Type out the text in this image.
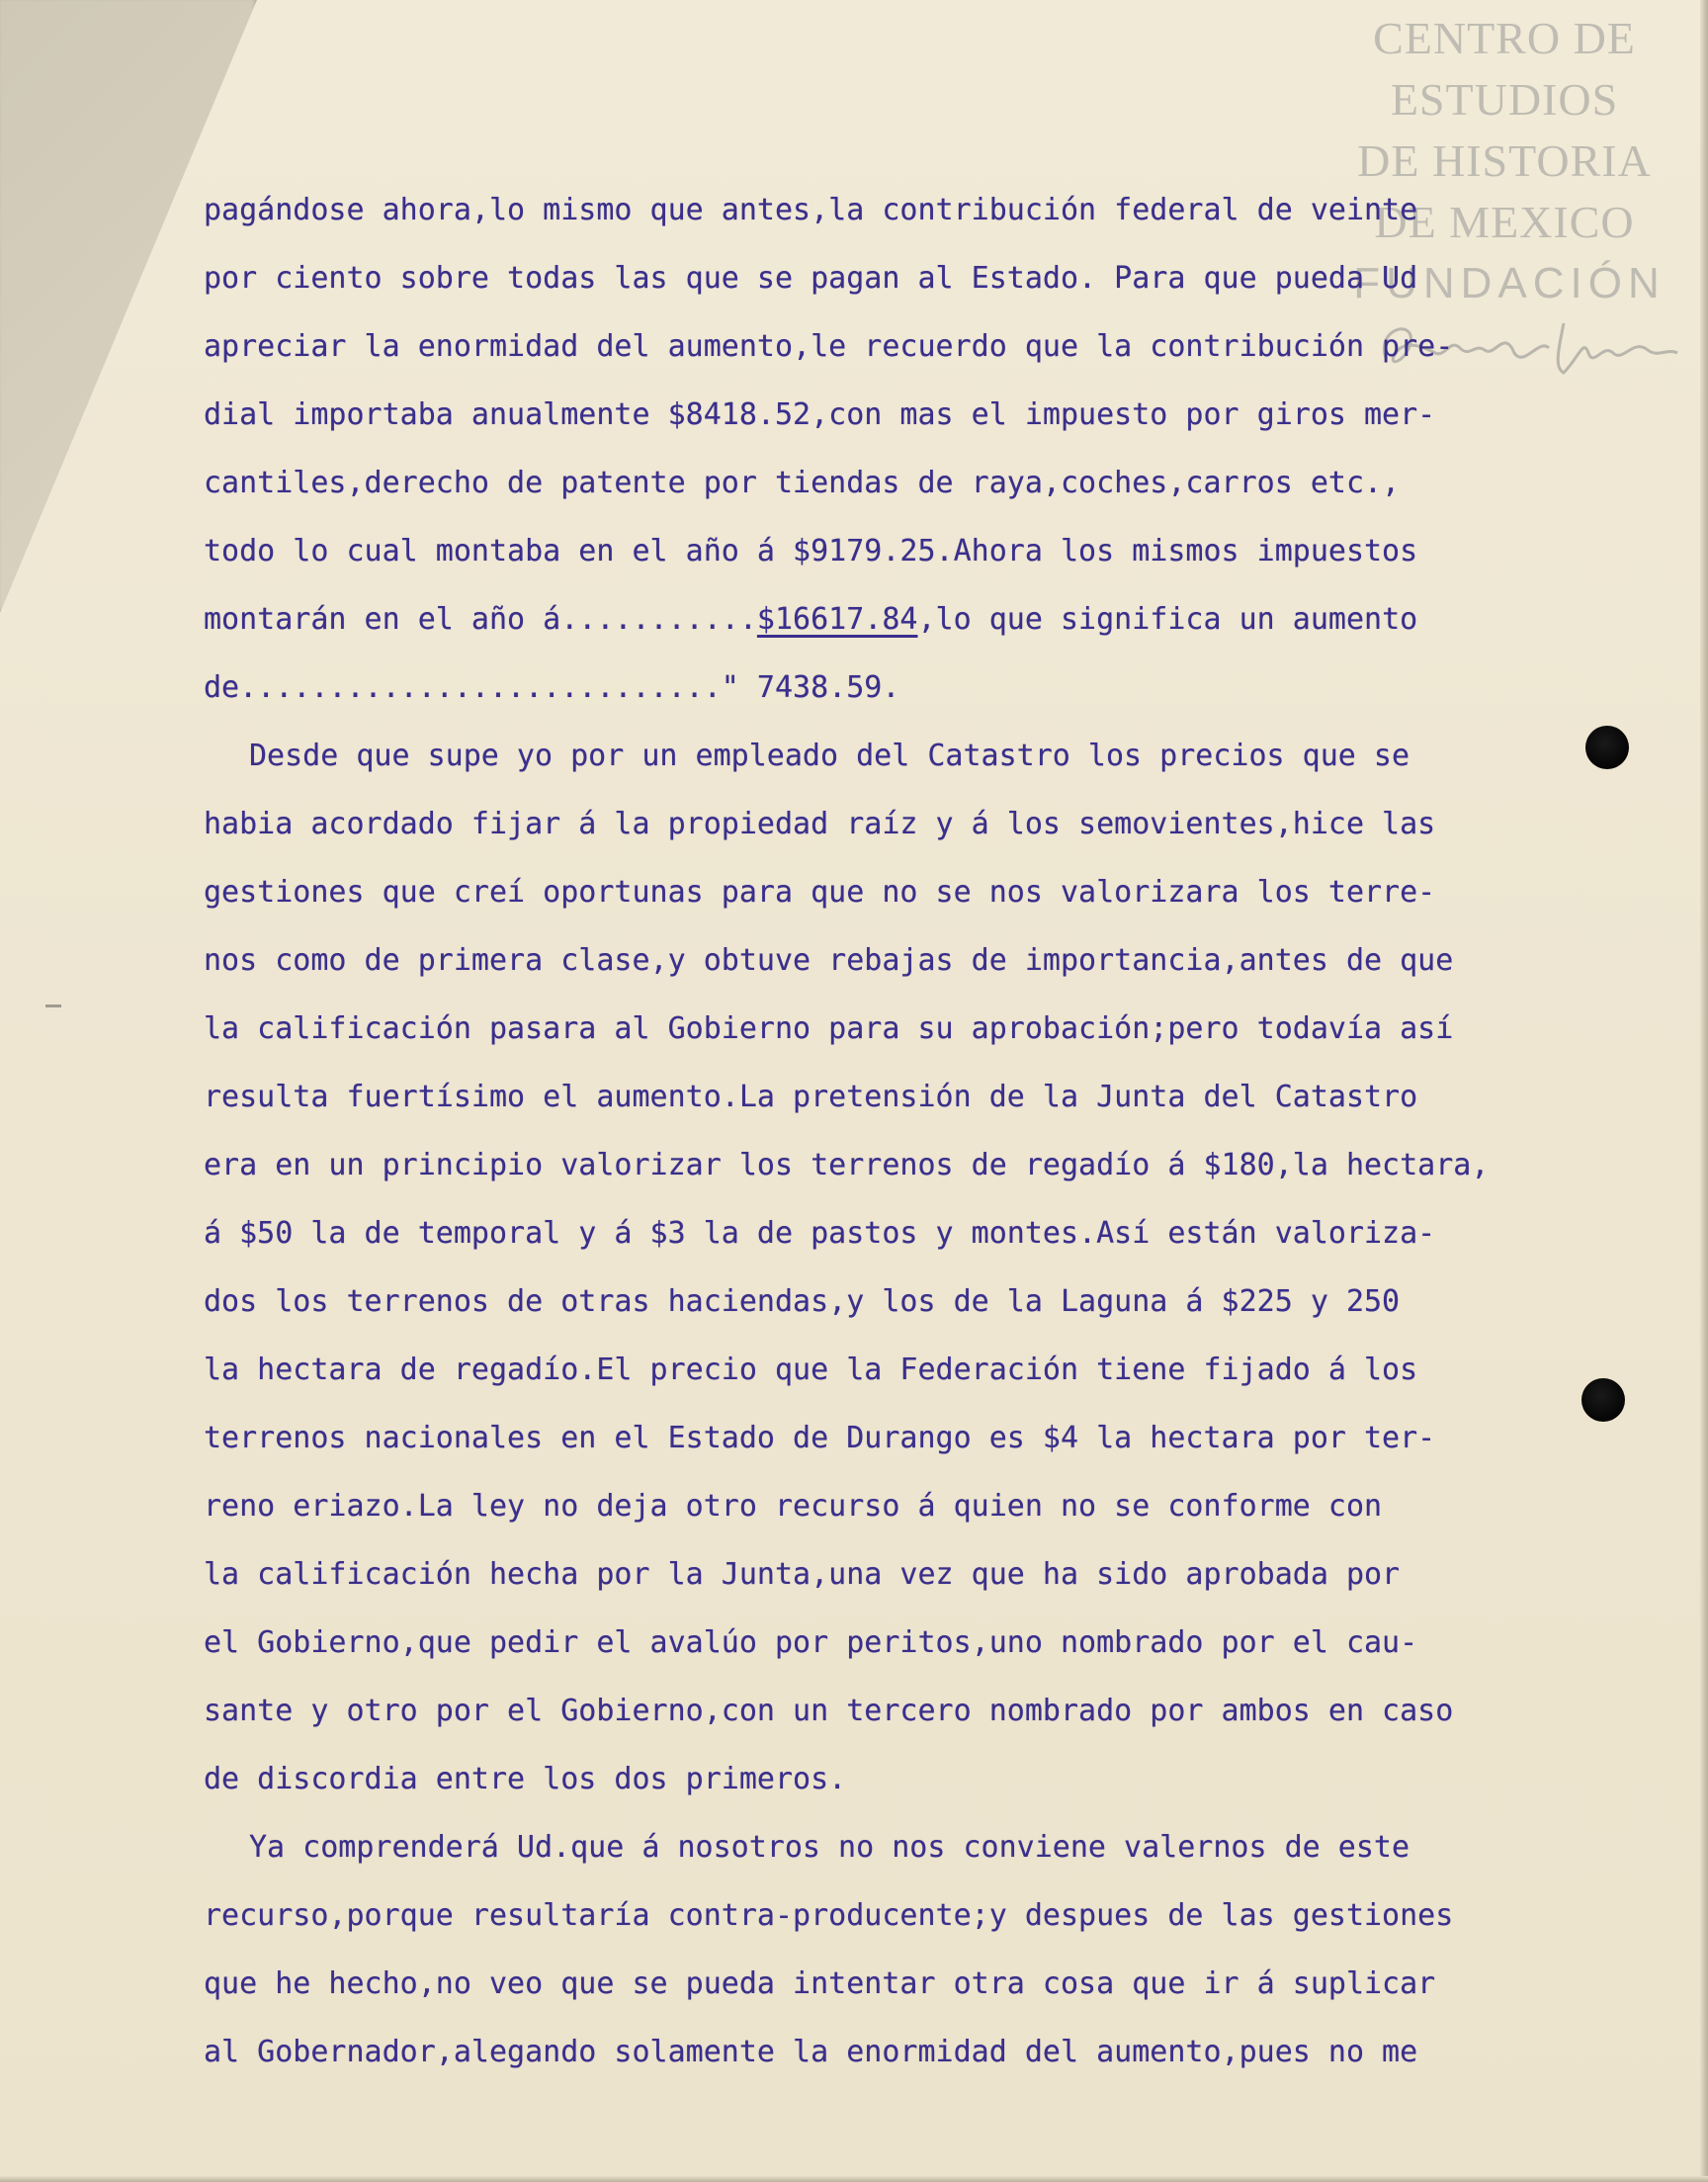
CENTRO DE
ESTUDIOS
DE HISTORIA
DE MEXICO
FUNDACIÓN
pagándose ahora,lo mismo que antes,la contribución federal de veinte
por ciento sobre todas las que se pagan al Estado. Para que pueda Ud
apreciar la enormidad del aumento,le recuerdo que la contribución pre-
dial importaba anualmente $8418.52,con mas el impuesto por giros mer-
cantiles,derecho de patente por tiendas de raya,coches,carros etc.,
todo lo cual montaba en el año á $9179.25.Ahora los mismos impuestos
montarán en el año á...........$16617.84,lo que significa un aumento
de..........................." 7438.59.
Desde que supe yo por un empleado del Catastro los precios que se
habia acordado fijar á la propiedad raíz y á los semovientes,hice las
gestiones que creí oportunas para que no se nos valorizara los terre-
nos como de primera clase,y obtuve rebajas de importancia,antes de que
la calificación pasara al Gobierno para su aprobación;pero todavía así
resulta fuertísimo el aumento.La pretensión de la Junta del Catastro
era en un principio valorizar los terrenos de regadío á $180,la hectara,
á $50 la de temporal y á $3 la de pastos y montes.Así están valoriza-
dos los terrenos de otras haciendas,y los de la Laguna á $225 y 250
la hectara de regadío.El precio que la Federación tiene fijado á los
terrenos nacionales en el Estado de Durango es $4 la hectara por ter-
reno eriazo.La ley no deja otro recurso á quien no se conforme con
la calificación hecha por la Junta,una vez que ha sido aprobada por
el Gobierno,que pedir el avalúo por peritos,uno nombrado por el cau-
sante y otro por el Gobierno,con un tercero nombrado por ambos en caso
de discordia entre los dos primeros.
Ya comprenderá Ud.que á nosotros no nos conviene valernos de este
recurso,porque resultaría contra-producente;y despues de las gestiones
que he hecho,no veo que se pueda intentar otra cosa que ir á suplicar
al Gobernador,alegando solamente la enormidad del aumento,pues no me
